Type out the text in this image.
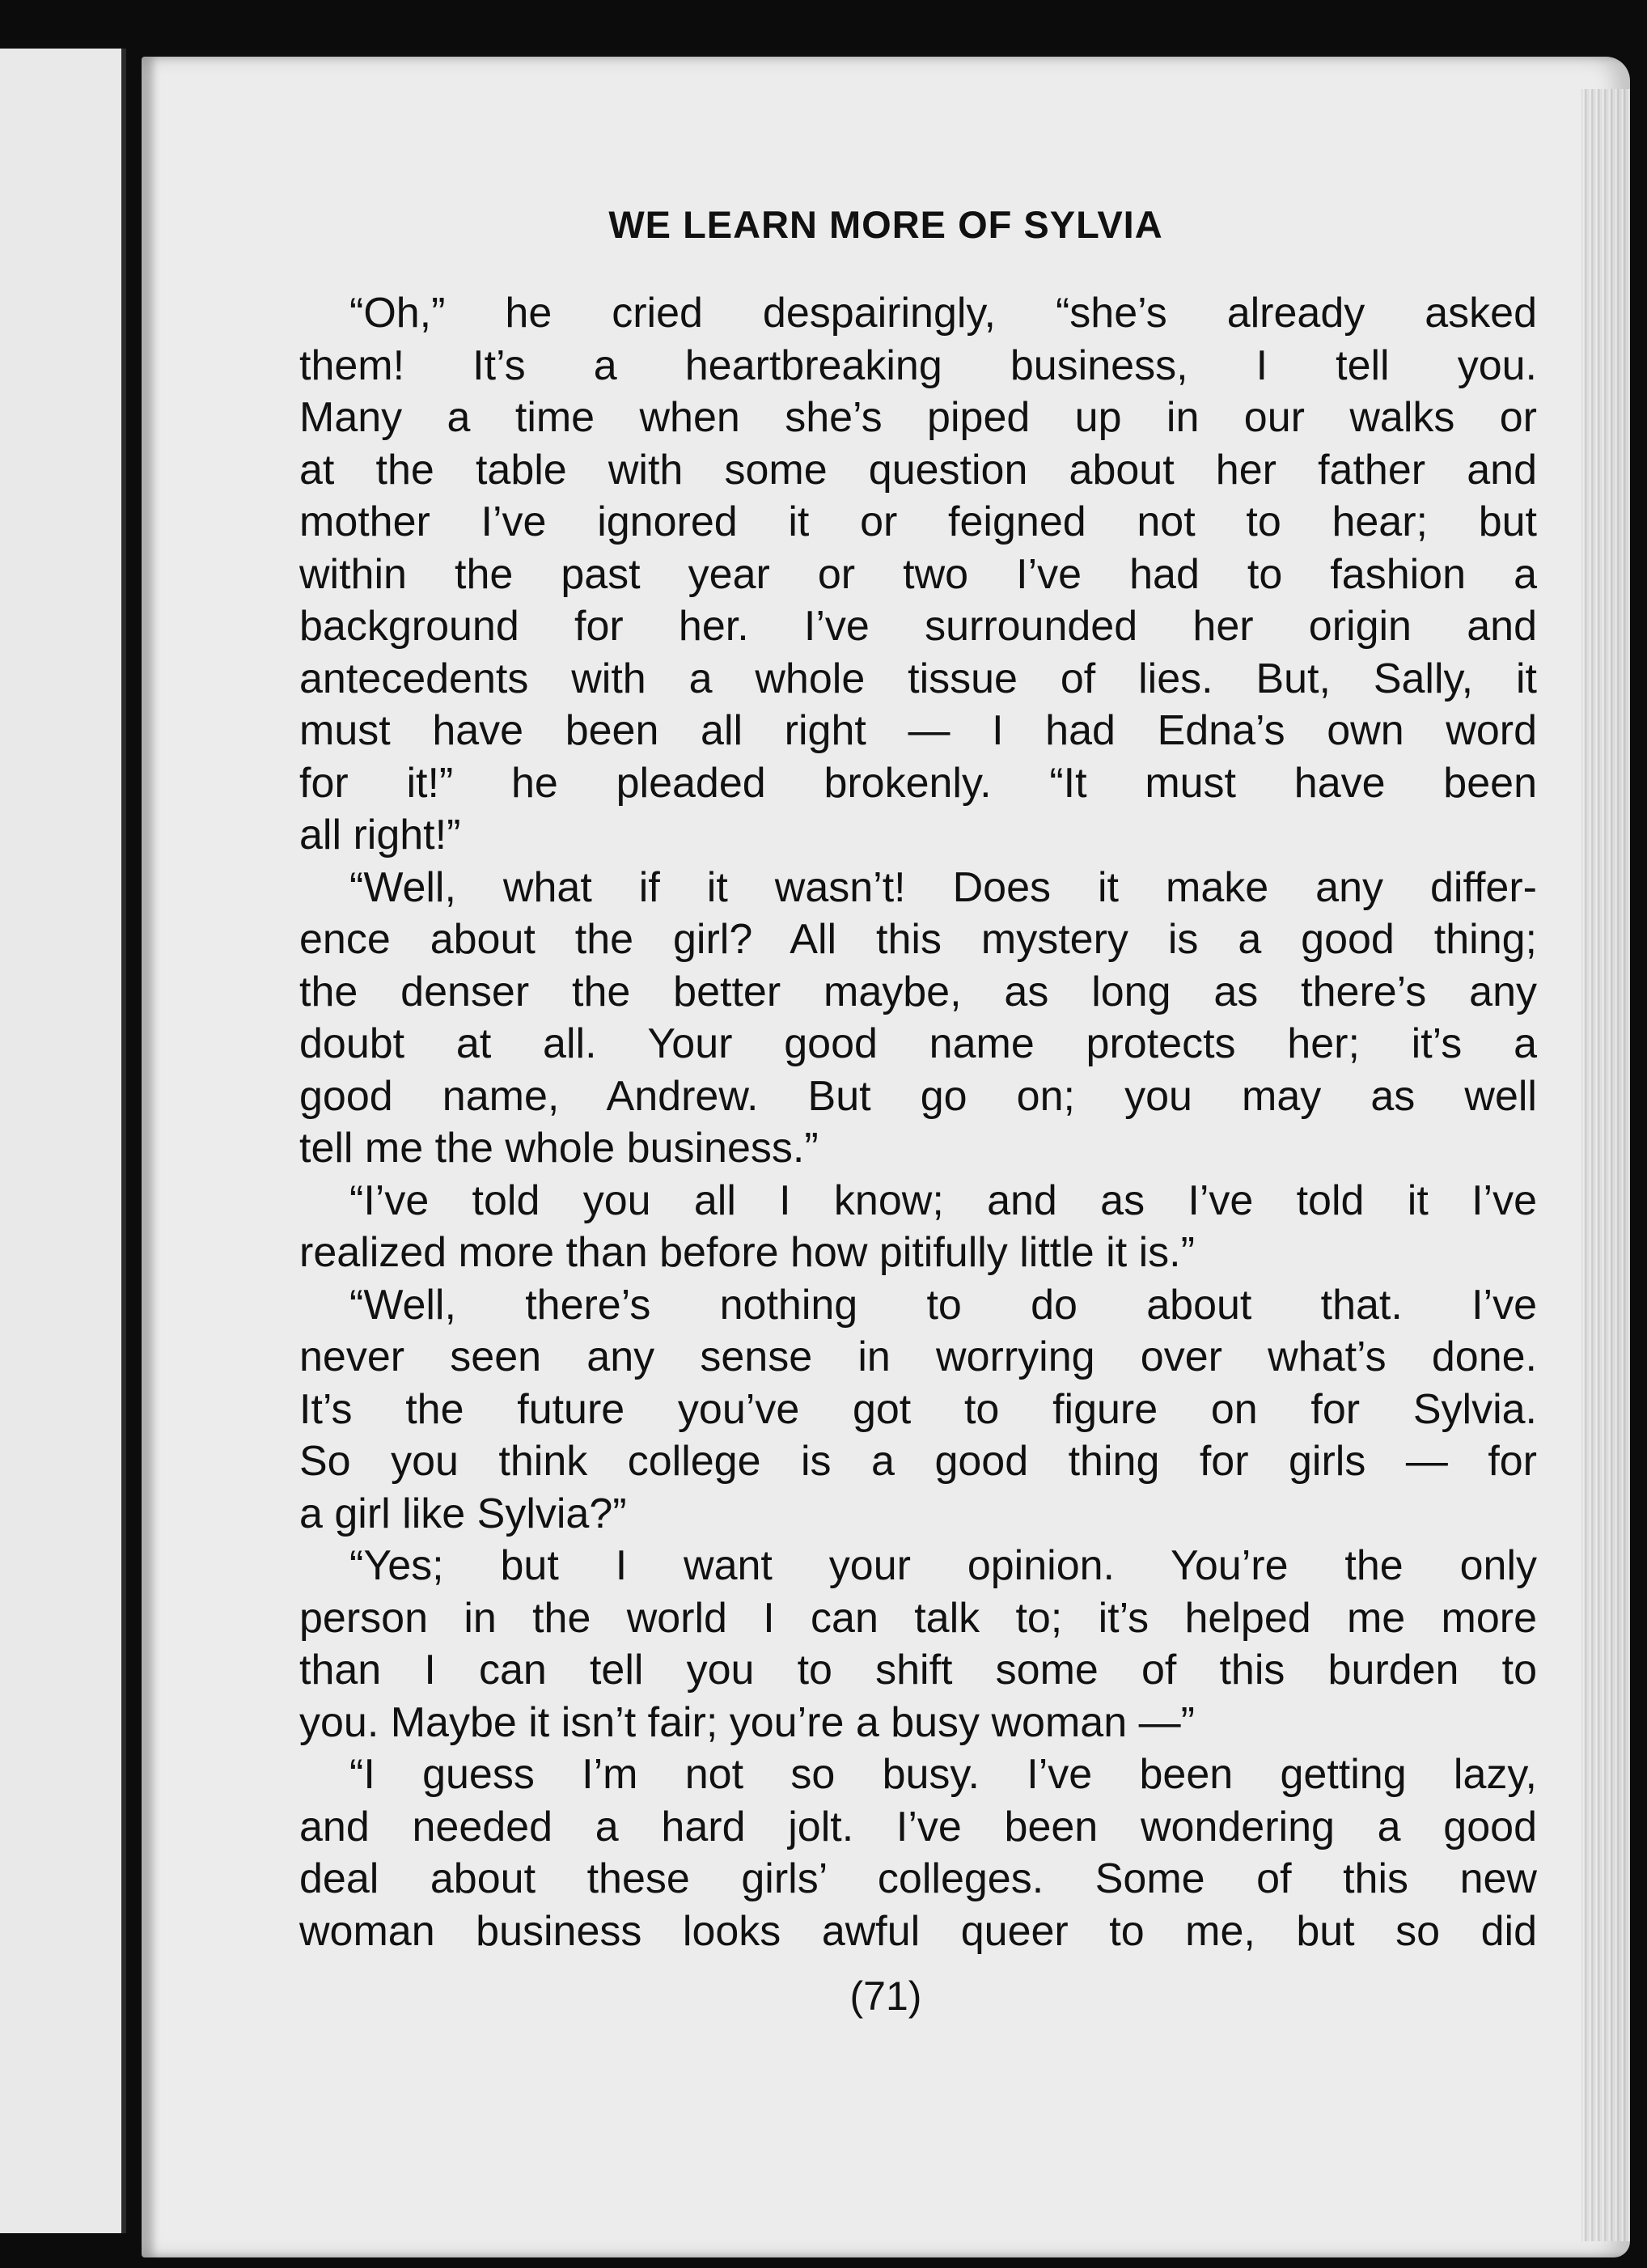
WE LEARN MORE OF SYLVIA
“Oh,” he cried despairingly, “she’s already asked
them! It’s a heartbreaking business, I tell you.
Many a time when she’s piped up in our walks or
at the table with some question about her father and
mother I’ve ignored it or feigned not to hear; but
within the past year or two I’ve had to fashion a
background for her. I’ve surrounded her origin and
antecedents with a whole tissue of lies. But, Sally, it
must have been all right — I had Edna’s own word
for it!” he pleaded brokenly. “It must have been
all right!”
“Well, what if it wasn’t! Does it make any differ-
ence about the girl? All this mystery is a good thing;
the denser the better maybe, as long as there’s any
doubt at all. Your good name protects her; it’s a
good name, Andrew. But go on; you may as well
tell me the whole business.”
“I’ve told you all I know; and as I’ve told it I’ve
realized more than before how pitifully little it is.”
“Well, there’s nothing to do about that. I’ve
never seen any sense in worrying over what’s done.
It’s the future you’ve got to figure on for Sylvia.
So you think college is a good thing for girls — for
a girl like Sylvia?”
“Yes; but I want your opinion. You’re the only
person in the world I can talk to; it’s helped me more
than I can tell you to shift some of this burden to
you. Maybe it isn’t fair; you’re a busy woman —”
“I guess I’m not so busy. I’ve been getting lazy,
and needed a hard jolt. I’ve been wondering a good
deal about these girls’ colleges. Some of this new
woman business looks awful queer to me, but so did
(71)
